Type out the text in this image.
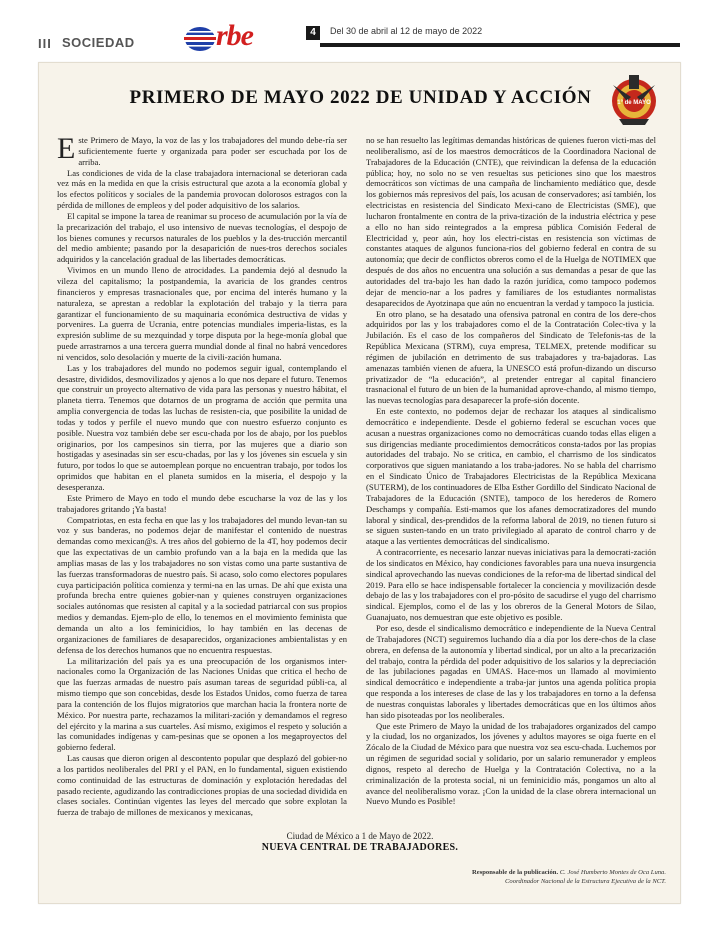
III SOCIEDAD	rbe	4	Del 30 de abril al 12 de mayo de 2022
PRIMERO DE MAYO 2022 DE UNIDAD Y ACCIÓN	1° de MAYO

Este Primero de Mayo, la voz de las y los trabajadores del mundo debe-ría ser suficientemente fuerte y organizada para poder ser escuchada por los de arriba.

Las condiciones de vida de la clase trabajadora internacional se deterioran cada vez más en la medida en que la crisis estructural que azota a la economía global y los efectos políticos y sociales de la pandemia provocan dolorosos estragos con la pérdida de millones de empleos y del poder adquisitivo de los salarios.

El capital se impone la tarea de reanimar su proceso de acumulación por la vía de la precarización del trabajo, el uso intensivo de nuevas tecnologías, el despojo de los bienes comunes y recursos naturales de los pueblos y la des-trucción mercantil del medio ambiente; pasando por la desaparición de nues-tros derechos sociales adquiridos y la cancelación gradual de las libertades democráticas.

Vivimos en un mundo lleno de atrocidades. La pandemia dejó al desnudo la vileza del capitalismo; la postpandemia, la avaricia de los grandes centros financieros y empresas trasnacionales que, por encima del interés humano y la naturaleza, se aprestan a redoblar la explotación del trabajo y la tierra para garantizar el funcionamiento de su maquinaria económica destructiva de vidas y porvenires. La guerra de Ucrania, entre potencias mundiales imperia-listas, es la expresión sublime de su mezquindad y torpe disputa por la hege-monía global que puede arrastrarnos a una tercera guerra mundial donde al final no habrá vencedores ni vencidos, solo desolación y muerte de la civili-zación humana.

Las y los trabajadores del mundo no podemos seguir igual, contemplando el desastre, divididos, desmovilizados y ajenos a lo que nos depare el futuro. Tenemos que construir un proyecto alternativo de vida para las personas y nuestro hábitat, el planeta tierra. Tenemos que dotarnos de un programa de acción que permita una amplia convergencia de todas las luchas de resisten-cia, que posibilite la unidad de todas y todos y perfile el nuevo mundo que con nuestro esfuerzo conjunto es posible. Nuestra voz también debe ser escu-chada por los de abajo, por los pueblos originarios, por los campesinos sin tierra, por las mujeres que a diario son hostigadas y asesinadas sin ser escu-chadas, por las y los jóvenes sin escuela y sin futuro, por todos lo que se autoemplean porque no encuentran trabajo, por todos los oprimidos que habitan en el planeta sumidos en la miseria, el despojo y la desesperanza.

Este Primero de Mayo en todo el mundo debe escucharse la voz de las y los trabajadores gritando ¡Ya basta!

Compatriotas, en esta fecha en que las y los trabajadores del mundo levan-tan su voz y sus banderas, no podemos dejar de manifestar el contenido de nuestras demandas como mexican@s. A tres años del gobierno de la 4T, hoy podemos decir que las expectativas de un cambio profundo van a la baja en la medida que las amplias masas de las y los trabajadores no son vistas como una parte sustantiva de las fuerzas transformadoras de nuestro país. Si acaso, solo como electores populares cuya participación política comienza y termi-na en las urnas. De ahí que exista una profunda brecha entre quienes gobier-nan y quienes construyen organizaciones sociales autónomas que resisten al capital y a la sociedad patriarcal con sus propios medios y demandas. Ejem-plo de ello, lo tenemos en el movimiento feminista que demanda un alto a los feminicidios, lo hay también en las decenas de organizaciones de familiares de desaparecidos, organizaciones ambientalistas y en defensa de los derechos humanos que no encuentra respuestas.

La militarización del país ya es una preocupación de los organismos inter-nacionales como la Organización de las Naciones Unidas que critica el hecho de que las fuerzas armadas de nuestro país asuman tareas de seguridad públi-ca, al mismo tiempo que son concebidas, desde los Estados Unidos, como fuerza de tarea para la contención de los flujos migratorios que marchan hacia la frontera norte de México. Por nuestra parte, rechazamos la militari-zación y demandamos el regreso del ejército y la marina a sus cuarteles. Así mismo, exigimos el respeto y solución a las comunidades indígenas y cam-pesinas que se oponen a los megaproyectos del gobierno federal.

Las causas que dieron origen al descontento popular que desplazó del gobier-no a los partidos neoliberales del PRI y el PAN, en lo fundamental, siguen existiendo como continuidad de las estructuras de dominación y explotación heredadas del pasado reciente, agudizando las contradicciones propias de una sociedad dividida en clases sociales. Continúan vigentes las leyes del mercado que sobre explotan la fuerza de trabajo de millones de mexicanos y mexicanas,

no se han resuelto las legítimas demandas históricas de quienes fueron victi-mas del neoliberalismo, así de los maestros democráticos de la Coordinadora Nacional de Trabajadores de la Educación (CNTE), que reivindican la defensa de la educación pública; hoy, no solo no se ven resueltas sus peticiones sino que los maestros democráticos son víctimas de una campaña de linchamiento mediático que, desde los gobiernos más represivos del país, los acusan de conservadores; así también, los electricistas en resistencia del Sindicato Mexi-cano de Electricistas (SME), que lucharon frontalmente en contra de la priva-tización de la industria eléctrica y pese a ello no han sido reintegrados a la empresa pública Comisión Federal de Electricidad y, peor aún, hoy los electri-cistas en resistencia son víctimas de constantes ataques de algunos funciona-rios del gobierno federal en contra de su autonomía; que decir de conflictos obreros como el de la Huelga de NOTIMEX que después de dos años no encuentra una solución a sus demandas a pesar de que las autoridades del tra-bajo les han dado la razón jurídica, como tampoco podemos dejar de mencio-nar a los padres y familiares de los estudiantes normalistas desaparecidos de Ayotzinapa que aún no encuentran la verdad y tampoco la justicia.

En otro plano, se ha desatado una ofensiva patronal en contra de los dere-chos adquiridos por las y los trabajadores como el de la Contratación Colec-tiva y la Jubilación. Es el caso de los compañeros del Sindicato de Telefonis-tas de la República Mexicana (STRM), cuya empresa, TELMEX, pretende modificar su régimen de jubilación en detrimento de sus trabajadores y tra-bajadoras. Las amenazas también vienen de afuera, la UNESCO está profun-dizando un discurso privatizador de “la educación”, al pretender entregar al capital financiero trasnacional el futuro de un bien de la humanidad aprove-chando, al mismo tiempo, las nuevas tecnologías para desaparecer la profe-sión docente.

En este contexto, no podemos dejar de rechazar los ataques al sindicalismo democrático e independiente. Desde el gobierno federal se escuchan voces que acusan a nuestras organizaciones como no democráticas cuando todas ellas eligen a sus dirigencias mediante procedimientos democráticos consta-tados por las propias autoridades del trabajo. No se critica, en cambio, el charrismo de los sindicatos corporativos que siguen maniatando a los traba-jadores. No se habla del charrismo en el Sindicato Único de Trabajadores Electricistas de la República Mexicana (SUTERM), de los continuadores de Elba Esther Gordillo del Sindicato Nacional de Trabajadores de la Educación (SNTE), tampoco de los herederos de Romero Deschamps y compañía. Esti-mamos que los afanes democratizadores del mundo laboral y sindical, des-prendidos de la reforma laboral de 2019, no tienen futuro si se siguen susten-tando en un trato privilegiado al aparato de control charro y de ataque a las vertientes democráticas del sindicalismo.

A contracorriente, es necesario lanzar nuevas iniciativas para la democrati-zación de los sindicatos en México, hay condiciones favorables para una nueva insurgencia sindical aprovechando las nuevas condiciones de la refor-ma de libertad sindical del 2019. Para ello se hace indispensable fortalecer la conciencia y movilización desde debajo de las y los trabajadores con el pro-pósito de sacudirse el yugo del charrismo sindical. Ejemplos, como el de las y los obreros de la General Motors de Silao, Guanajuato, nos demuestran que este objetivo es posible.

Por eso, desde el sindicalismo democrático e independiente de la Nueva Central de Trabajadores (NCT) seguiremos luchando día a día por los dere-chos de la clase obrera, en defensa de la autonomía y libertad sindical, por un alto a la precarización del trabajo, contra la pérdida del poder adquisitivo de los salarios y la depreciación de las jubilaciones pagadas en UMAS. Hace-mos un llamado al movimiento sindical democrático e independiente a traba-jar juntos una agenda política propia que responda a los intereses de clase de las y los trabajadores en torno a la defensa de nuestras conquistas laborales y libertades democráticas que en los últimos años han sido pisoteadas por los neoliberales.

Que este Primero de Mayo la unidad de los trabajadores organizados del campo y la ciudad, los no organizados, los jóvenes y adultos mayores se oiga fuerte en el Zócalo de la Ciudad de México para que nuestra voz sea escu-chada. Luchemos por un régimen de seguridad social y solidario, por un salario remunerador y empleos dignos, respeto al derecho de Huelga y la Contratación Colectiva, no a la criminalización de la protesta social, ni un feminicidio más, pongamos un alto al avance del neoliberalismo voraz. ¡Con la unidad de la clase obrera internacional un Nuevo Mundo es Posible!

Ciudad de México a 1 de Mayo de 2022.
NUEVA CENTRAL DE TRABAJADORES.
Responsable de la publicación. C. José Humberto Montes de Oca Luna.
Coordinador Nacional de la Estructura Ejecutiva de la NCT.
